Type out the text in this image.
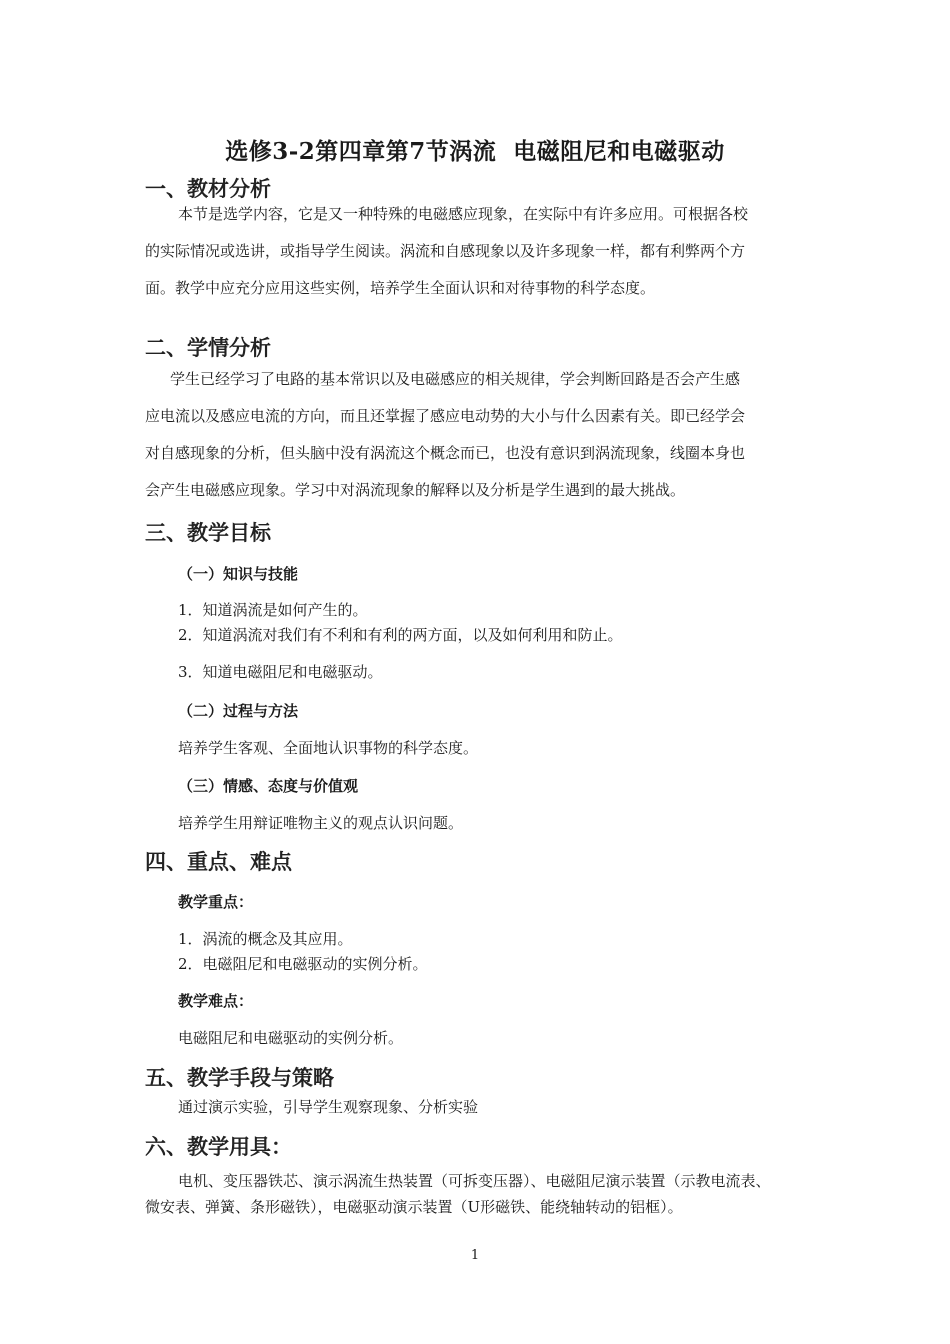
选修3-2第四章第7节涡流  电磁阻尼和电磁驱动
一、教材分析
本节是选学内容，它是又一种特殊的电磁感应现象，在实际中有许多应用。可根据各校
的实际情况或选讲，或指导学生阅读。涡流和自感现象以及许多现象一样，都有利弊两个方
面。教学中应充分应用这些实例，培养学生全面认识和对待事物的科学态度。
二、学情分析
学生已经学习了电路的基本常识以及电磁感应的相关规律，学会判断回路是否会产生感
应电流以及感应电流的方向，而且还掌握了感应电动势的大小与什么因素有关。即已经学会
对自感现象的分析，但头脑中没有涡流这个概念而已，也没有意识到涡流现象，线圈本身也
会产生电磁感应现象。学习中对涡流现象的解释以及分析是学生遇到的最大挑战。
三、教学目标
（一）知识与技能
1．知道涡流是如何产生的。
2．知道涡流对我们有不利和有利的两方面，以及如何利用和防止。
3．知道电磁阻尼和电磁驱动。
（二）过程与方法
培养学生客观、全面地认识事物的科学态度。
（三）情感、态度与价值观
培养学生用辩证唯物主义的观点认识问题。
四、重点、难点
教学重点：
1．涡流的概念及其应用。
2．电磁阻尼和电磁驱动的实例分析。
教学难点：
电磁阻尼和电磁驱动的实例分析。
五、教学手段与策略
通过演示实验，引导学生观察现象、分析实验
六、教学用具：
电机、变压器铁芯、演示涡流生热装置（可拆变压器）、电磁阻尼演示装置（示教电流表、
微安表、弹簧、条形磁铁），电磁驱动演示装置（U形磁铁、能绕轴转动的铝框）。
1
